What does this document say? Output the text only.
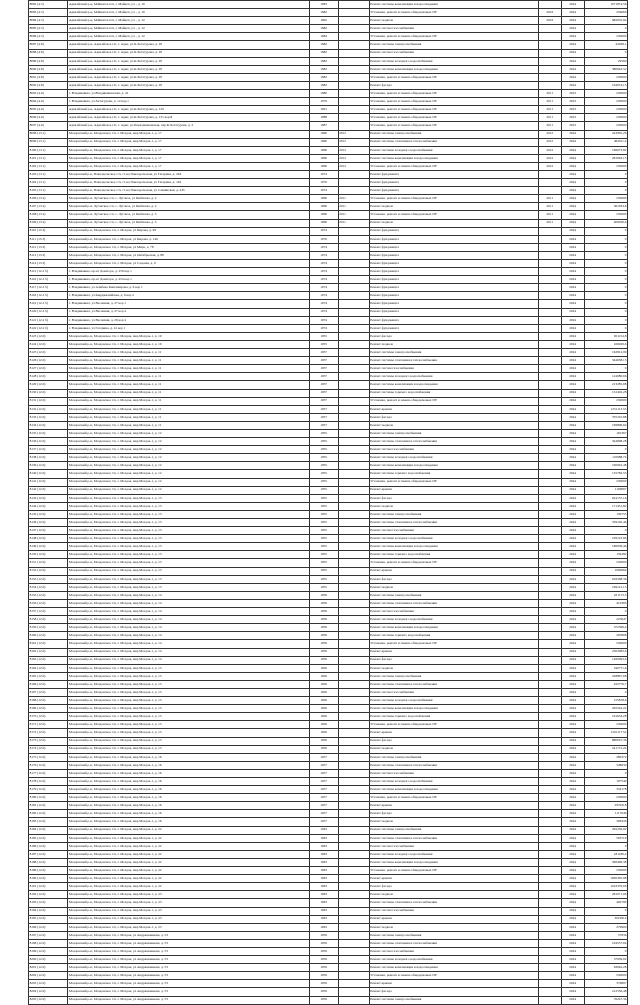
8082 (4.5)	Адыгейский р-н, Майкопск п/п, г. Майкоп, ул. , д. 10	1983		Ремонт системы канализации и водоотведения		2024	1071874,56
8083 (4.5)	Адыгейский р-н, Майкопск п/п, г. Майкоп, ул. , д. 10	1982		Установка, ремонт и замена общедомовых ПУ	2023	2024	256666
8084 (4.5)	Адыгейский р-н, Майкопск п/п, г. Майкоп, ул. , д. 12	1992		Ремонт подвала	2023	2024	982035,94
8085 (4.5)	Адыгейский р-н, Майкопск п/п, г. Майкоп, ул. , д. 12	1982		Ремонт систем газоснабжения		2024	0
8086 (4.5)	Адыгейский р-н, Майкопск п/п, г. Майкоп, ул. , д. 12	1984		Установка, ремонт и замена общедомовых ПУ		2024	230000
8087 (4.8)	Адыгейский р-н, Адыгейское г/п, г. Адыг, ул.К.Хетагурова, д. 95	1982		Ремонт системы электроснабжения		2024	43208,1
8088 (4.8)	Адыгейский р-н, Адыгейское г/п, г. Адыг, ул.К.Хетагурова, д. 95	1982		Ремонт систем газоснабжения		2024	0
8089 (4.8)	Адыгейский р-н, Адыгейское г/п, г. Адыг, ул.К.Хетагурова, д. 95	1982		Ремонт системы холодного водоснабжения		2024	29560
8090 (4.8)	Адыгейский р-н, Адыгейское г/п, г. Адыг, ул.К.Хетагурова, д. 95	1982		Ремонт системы канализации и водоотведения		2024	380642,52
8091 (4.8)	Адыгейский р-н, Адыгейское г/п, г. Адыг, ул.К.Хетагурова, д. 95	1982		Установка, ремонт и замена общедомовых ПУ		2024	230000
8092 (4.8)	Адыгейский р-н, Адыгейское г/п, г. Адыг, ул.К.Хетагурова, д. 95	1982		Ремонт фасада		2024	164074,15
8093 (4.9)	г. Владикавказ, ул.Владикавказская, д. 41	1980		Установка, ремонт и замена общедомовых ПУ	2011	2023	230000
8094 (4.9)	г. Владикавказ, ул.Хетагурова, д. 12 кор.1	1979		Установка, ремонт и замена общедомовых ПУ	2011	2023	230000
8095 (4.9)	Адыгейский р-н, Адыгейское г/п, г. Адыг, ул.К.Хетагурова, д. 129	1991		Установка, ремонт и замена общедомовых ПУ	2011	2023	230000
8096 (4.9)	Адыгейский р-н, Адыгейское г/п, г. Адыг, ул.К.Хетагурова, д. 131 кор.Б	1988		Установка, ремонт и замена общедомовых ПУ	2011	2023	230000
8097 (4.9)	Адыгейский р-н, Адыгейское г/п, г. Адыг, ул.Пархоменковская, пер.К.Хетагурова, д. 2	1987		Установка, ремонт и замена общедомовых ПУ	2011	2023	230000
8098 (13.1)	Моздокский р-н, Моздокское г/п, г. Моздок, мкр Моздок-1, д. 17	1960	2012	Ремонт системы электроснабжения	2012	2024	243995,26
8099 (13.1)	Моздокский р-н, Моздокское г/п, г. Моздок, мкр Моздок-1, д. 17	1960	2012	Ремонт системы отопления и теплоснабжения	2012	2024	462911,4
8100 (13.1)	Моздокский р-н, Моздокское г/п, г. Моздок, мкр Моздок-1, д. 17	1960	2012	Ремонт системы холодного водоснабжения	2012	2024	166673,82
8101 (13.1)	Моздокский р-н, Моздокское г/п, г. Моздок, мкр Моздок-1, д. 17	1960	2012	Ремонт системы канализации и водоотведения	2012	2024	281092,15
8102 (13.1)	Моздокский р-н, Моздокское г/п, г. Моздок, мкр Моздок-1, д. 17	1960	2012	Установка, ремонт и замена общедомовых ПУ	2012	2024	230000
8103 (13.1)	Моздокский р-н, Павлодольское с/п, ст-ца Павлодольская, ул Гагарина, д. 294	1974		Ремонт фундамента		2024	0
8104 (13.1)	Моздокский р-н, Павлодольское с/п, ст-ца Павлодольская, ул Гагарина, д. 194	1976		Ремонт фундамента		2024	0
8105 (13.1)	Моздокский р-н, Павлодольское с/п, ст-ца Павлодольская, ул Славянская, д. 245	1974		Ремонт фундамента		2024	0
8106 (13.2)	Моздокский р-н, Луговское с/п, с. Луговое, ул Кибизова, д. 2	1960	2011	Установка, ремонт и замена общедомовых ПУ	2011	2024	230000
8107 (13.2)	Моздокский р-н, Луговское с/п, с. Луговое, ул Кибизова, д. 2	1960	2011	Ремонт подвала	2011	2024	361934,6
8108 (13.2)	Моздокский р-н, Луговское с/п, с. Луговое, ул Кибизова, д. 3	1960	2011	Установка, ремонт и замена общедомовых ПУ	2011	2024	230000
8109 (13.2)	Моздокский р-н, Луговское с/п, с. Луговое, ул Кибизова, д. 3	1960	2011	Ремонт подвала	2011	2024	409936,6
8110 (13.3)	Моздокский р-н, Моздокское г/п, г. Моздок, ул Кирова, д. 99	1974		Ремонт фундамента		2024	0
8111 (13.3)	Моздокский р-н, Моздокское г/п, г. Моздок, ул Кирова, д. 149	1976		Ремонт фундамента		2024	0
8112 (13.3)	Моздокский р-н, Моздокское г/п, г. Моздок, ул Мира, д. 78	1974		Ремонт фундамента		2024	0
8113 (13.3)	Моздокский р-н, Моздокское г/п, г. Моздок, ул Октябрьская, д. 88	1974		Ремонт фундамента		2024	0
8114 (13.3)	Моздокский р-н, Моздокское г/п, г. Моздок, ул Садовая, д. 9	1974		Ремонт фундамента		2024	0
8115 (12.2 б)	г. Владикавказ, пр-кт Доватора, д. 250 кор 1	1974		Ремонт фундамента		2024	0
8116 (12.2 б)	г. Владикавказ, пр-кт Доватора, д. 254 кор 1	1974		Ремонт фундамента		2024	0
8117 (12.2 б)	г. Владикавказ, ул Алибека Кантемирова, д. 6 кор 1	1974		Ремонт фундамента		2024	0
8118 (12.2 б)	г. Владикавказ, ул Кырджалийская, д. 6 кор 2	1974		Ремонт фундамента		2024	0
8119 (12.2 б)	г. Владикавказ, ул Весенняя, д. 27 кор 1	1974		Ремонт фундамента		2024	0
8120 (12.2 б)	г. Владикавказ, ул Весенняя, д. 27 кор 4	1974		Ремонт фундамента		2024	0
8121 (12.2 б)	г. Владикавказ, ул Весенняя, д. 29 кор 4	1974		Ремонт фундамента		2024	0
8122 (12.2 б)	г. Владикавказ, ул Гагарина, д. 41 кор 1	1974		Ремонт фундамента		2024	0
8123 (12.0)	Моздокский р-н, Моздокское г/п, г. Моздок, мкр Моздок-1, д. 10	1955		Ремонт фасада		2024	651154,8
8124 (12.0)	Моздокский р-н, Моздокское г/п, г. Моздок, мкр Моздок-1, д. 10	1955		Ремонт подвала		2024	166929,6
8125 (12.0)	Моздокский р-н, Моздокское г/п, г. Моздок, мкр Моздок-1, д. 11	1957		Ремонт системы электроснабжения		2024	162812,99
8126 (12.0)	Моздокский р-н, Моздокское г/п, г. Моздок, мкр Моздок-1, д. 11	1957		Ремонт системы отопления и теплоснабжения		2024	344638,15
8127 (12.0)	Моздокский р-н, Моздокское г/п, г. Моздок, мкр Моздок-1, д. 11	1957		Ремонт систем газоснабжения		2024	0
8128 (12.0)	Моздокский р-н, Моздокское г/п, г. Моздок, мкр Моздок-1, д. 11	1957		Ремонт системы холодного водоснабжения		2024	124080,66
8129 (12.0)	Моздокский р-н, Моздокское г/п, г. Моздок, мкр Моздок-1, д. 11	1957		Ремонт системы канализации и водоотведения		2024	213285,68
8130 (12.0)	Моздокский р-н, Моздокское г/п, г. Моздок, мкр Моздок-1, д. 11	1957		Ремонт системы горячего водоснабжения		2024	152402,28
8131 (12.0)	Моздокский р-н, Моздокское г/п, г. Моздок, мкр Моздок-1, д. 11	1957		Установка, ремонт и замена общедомовых ПУ		2024	230000
8132 (12.0)	Моздокский р-н, Моздокское г/п, г. Моздок, мкр Моздок-1, д. 11	1957		Ремонт крыши		2024	1251113,55
8133 (12.0)	Моздокский р-н, Моздокское г/п, г. Моздок, мкр Моздок-1, д. 11	1957		Ремонт фасада		2024	795310,88
8134 (12.0)	Моздокский р-н, Моздокское г/п, г. Моздок, мкр Моздок-1, д. 11	1957		Ремонт подвала		2024	199896,64
8135 (12.0)	Моздокский р-н, Моздокское г/п, г. Моздок, мкр Моздок-1, д. 12	1955		Ремонт системы электроснабжения		2024	162367
8136 (12.0)	Моздокский р-н, Моздокское г/п, г. Моздок, мкр Моздок-1, д. 12	1955		Ремонт системы отопления и теплоснабжения		2024	344698,28
8137 (12.0)	Моздокский р-н, Моздокское г/п, г. Моздок, мкр Моздок-1, д. 12	1955		Ремонт систем газоснабжения		2024	0
8138 (12.0)	Моздокский р-н, Моздокское г/п, г. Моздок, мкр Моздок-1, д. 12	1955		Ремонт системы холодного водоснабжения		2024	110688,74
8139 (12.0)	Моздокский р-н, Моздокское г/п, г. Моздок, мкр Моздок-1, д. 12	1955		Ремонт системы канализации и водоотведения		2024	190945,48
8140 (12.0)	Моздокский р-н, Моздокское г/п, г. Моздок, мкр Моздок-1, д. 12	1955		Ремонт системы горячего водоснабжения		2024	135782,55
8141 (12.0)	Моздокский р-н, Моздокское г/п, г. Моздок, мкр Моздок-1, д. 12	1955		Установка, ремонт и замена общедомовых ПУ		2024	230000
8142 (12.0)	Моздокский р-н, Моздокское г/п, г. Моздок, мкр Моздок-1, д. 12	1955		Ремонт крыши		2024	1106897
8143 (12.0)	Моздокский р-н, Моздокское г/п, г. Моздок, мкр Моздок-1, д. 13	1955		Ремонт фасада		2024	624137,16
8144 (12.0)	Моздокский р-н, Моздокское г/п, г. Моздок, мкр Моздок-1, д. 13	1955		Ремонт подвала		2024	171451,82
8145 (12.0)	Моздокский р-н, Моздокское г/п, г. Моздок, мкр Моздок-1, д. 13	1955		Ремонт системы электроснабжения		2024	159755
8146 (12.0)	Моздокский р-н, Моздокское г/п, г. Моздок, мкр Моздок-1, д. 13	1955		Ремонт системы отопления и теплоснабжения		2024	339192,46
8147 (12.0)	Моздокский р-н, Моздокское г/п, г. Моздок, мкр Моздок-1, д. 13	1955		Ремонт систем газоснабжения		2024	0
8148 (12.0)	Моздокский р-н, Моздокское г/п, г. Моздок, мкр Моздок-1, д. 13	1955		Ремонт системы холодного водоснабжения		2024	109123,96
8149 (12.0)	Моздокский р-н, Моздокское г/п, г. Моздок, мкр Моздок-1, д. 13	1955		Ремонт системы канализации и водоотведения		2024	186639,46
8150 (12.0)	Моздокский р-н, Моздокское г/п, г. Моздок, мкр Моздок-1, д. 13	1955		Ремонт системы горячего водоснабжения		2024	134282
8151 (12.0)	Моздокский р-н, Моздокское г/п, г. Моздок, мкр Моздок-1, д. 13	1955		Установка, ремонт и замена общедомовых ПУ		2024	230000
8152 (12.0)	Моздокский р-н, Моздокское г/п, г. Моздок, мкр Моздок-1, д. 13	1955		Ремонт крыши		2024	1090664
8153 (12.0)	Моздокский р-н, Моздокское г/п, г. Моздок, мкр Моздок-1, д. 13	1955		Ремонт фасада		2024	616508,36
8154 (12.0)	Моздокский р-н, Моздокское г/п, г. Моздок, мкр Моздок-1, д. 13	1955		Ремонт подвала		2024	169121,15
8155 (12.0)	Моздокский р-н, Моздокское г/п, г. Моздок, мкр Моздок-1, д. 14	1959		Ремонт системы электроснабжения		2024	221173,3
8156 (12.0)	Моздокский р-н, Моздокское г/п, г. Моздок, мкр Моздок-1, д. 14	1959		Ремонт системы отопления и теплоснабжения		2024	419383
8157 (12.0)	Моздокский р-н, Моздокское г/п, г. Моздок, мкр Моздок-1, д. 14	1959		Ремонт систем газоснабжения		2024	0
8158 (12.0)	Моздокский р-н, Моздокское г/п, г. Моздок, мкр Моздок-1, д. 14	1959		Ремонт системы холодного водоснабжения		2024	223647
8159 (12.0)	Моздокский р-н, Моздокское г/п, г. Моздок, мкр Моздок-1, д. 14	1959		Ремонт системы канализации и водоотведения		2024	372399,4
8160 (12.0)	Моздокский р-н, Моздокское г/п, г. Моздок, мкр Моздок-1, д. 14	1959		Ремонт системы горячего водоснабжения		2024	205808
8161 (12.0)	Моздокский р-н, Моздокское г/п, г. Моздок, мкр Моздок-1, д. 14	1959		Установка, ремонт и замена общедомовых ПУ		2024	230000
8162 (12.0)	Моздокский р-н, Моздокское г/п, г. Моздок, мкр Моздок-1, д. 14	1959		Ремонт крыши		2024	2302083,6
8163 (12.0)	Моздокский р-н, Моздокское г/п, г. Моздок, мкр Моздок-1, д. 14	1959		Ремонт фасада		2024	1260093,6
8164 (12.0)	Моздокский р-н, Моздокское г/п, г. Моздок, мкр Моздок-1, д. 15	1956		Ремонт подвала		2024	340771,6
8165 (12.0)	Моздокский р-н, Моздокское г/п, г. Моздок, мкр Моздок-1, д. 15	1956		Ремонт системы электроснабжения		2024	228897,68
8166 (12.0)	Моздокский р-н, Моздокское г/п, г. Моздок, мкр Моздок-1, д. 15	1956		Ремонт системы отопления и теплоснабжения		2024	432776,7
8167 (12.0)	Моздокский р-н, Моздокское г/п, г. Моздок, мкр Моздок-1, д. 15	1956		Ремонт систем газоснабжения		2024	0
8168 (12.0)	Моздокский р-н, Моздокское г/п, г. Моздок, мкр Моздок-1, д. 15	1956		Ремонт системы холодного водоснабжения		2024	155818,6
8169 (12.0)	Моздокский р-н, Моздокское г/п, г. Моздок, мкр Моздок-1, д. 15	1956		Ремонт системы канализации и водоотведения		2024	265542,22
8170 (12.0)	Моздокский р-н, Моздокское г/п, г. Моздок, мкр Моздок-1, д. 15	1956		Ремонт системы горячего водоснабжения		2024	191634,28
8171 (12.0)	Моздокский р-н, Моздокское г/п, г. Моздок, мкр Моздок-1, д. 15	1956		Установка, ремонт и замена общедомовых ПУ		2024	230000
8172 (12.0)	Моздокский р-н, Моздокское г/п, г. Моздок, мкр Моздок-1, д. 15	1956		Ремонт крыши		2024	1561117,52
8173 (12.0)	Моздокский р-н, Моздокское г/п, г. Моздок, мкр Моздок-1, д. 15	1956		Ремонт фасада		2024	880047,36
8174 (12.0)	Моздокский р-н, Моздокское г/п, г. Моздок, мкр Моздок-1, д. 15	1956		Ремонт подвала		2024	241715,24
8175 (12.0)	Моздокский р-н, Моздокское г/п, г. Моздок, мкр Моздок-1, д. 16	1957		Ремонт системы электроснабжения		2024	280372
8176 (12.0)	Моздокский р-н, Моздокское г/п, г. Моздок, мкр Моздок-1, д. 16	1957		Ремонт системы отопления и теплоснабжения		2024	548630
8177 (12.0)	Моздокский р-н, Моздокское г/п, г. Моздок, мкр Моздок-1, д. 16	1957		Ремонт систем газоснабжения		2024	0
8178 (12.0)	Моздокский р-н, Моздокское г/п, г. Моздок, мкр Моздок-1, д. 16	1957		Ремонт системы холодного водоснабжения		2024	197540
8179 (12.0)	Моздокский р-н, Моздокское г/п, г. Моздок, мкр Моздок-1, д. 16	1957		Ремонт системы канализации и водоотведения		2024	334178
8180 (12.0)	Моздокский р-н, Моздокское г/п, г. Моздок, мкр Моздок-1, д. 16	1957		Установка, ремонт и замена общедомовых ПУ		2024	230000
8181 (12.0)	Моздокский р-н, Моздокское г/п, г. Моздок, мкр Моздок-1, д. 16	1957		Ремонт крыши		2024	2979218
8182 (12.0)	Моздокский р-н, Моздокское г/п, г. Моздок, мкр Моздок-1, д. 16	1957		Ремонт фасада		2024	1117646
8183 (12.0)	Моздокский р-н, Моздокское г/п, г. Моздок, мкр Моздок-1, д. 16	1957		Ремонт подвала		2024	306436
8184 (12.0)	Моздокский р-н, Моздокское г/п, г. Моздок, мкр Моздок-1, д. 22	1963		Ремонт системы электроснабжения		2024	265256,92
8185 (12.0)	Моздокский р-н, Моздокское г/п, г. Моздок, мкр Моздок-1, д. 22	1963		Ремонт системы отопления и теплоснабжения		2024	503719
8186 (12.0)	Моздокский р-н, Моздокское г/п, г. Моздок, мкр Моздок-1, д. 22	1963		Ремонт систем газоснабжения		2024	0
8187 (12.0)	Моздокский р-н, Моздокское г/п, г. Моздок, мкр Моздок-1, д. 22	1963		Ремонт системы холодного водоснабжения		2024	181189,4
8188 (12.0)	Моздокский р-н, Моздокское г/п, г. Моздок, мкр Моздок-1, д. 22	1963		Ремонт системы канализации и водоотведения		2024	306406,38
8189 (12.0)	Моздокский р-н, Моздокское г/п, г. Моздок, мкр Моздок-1, д. 22	1963		Установка, ремонт и замена общедомовых ПУ		2024	230000
8190 (12.0)	Моздокский р-н, Моздокское г/п, г. Моздок, мкр Моздок-1, д. 22	1963		Ремонт крыши		2024	1865395,98
8191 (12.0)	Моздокский р-н, Моздокское г/п, г. Моздок, мкр Моздок-1, д. 22	1963		Ремонт фасада		2024	1023379,06
8192 (12.0)	Моздокский р-н, Моздокское г/п, г. Моздок, мкр Моздок-1, д. 23	1963		Ремонт подвала		2024	281071,96
8193 (12.0)	Моздокский р-н, Моздокское г/п, г. Моздок, мкр Моздок-1, д. 23	1963		Ремонт системы отопления и теплоснабжения		2024	492799
8194 (12.0)	Моздокский р-н, Моздокское г/п, г. Моздок, мкр Моздок-1, д. 23	1963		Ремонт систем газоснабжения		2024	0
8195 (12.0)	Моздокский р-н, Моздокское г/п, г. Моздок, мкр Моздок-1, д. 23	1963		Ремонт крыши		2024	3619914
8196 (12.0)	Моздокский р-н, Моздокское г/п, г. Моздок, мкр Моздок-1, д. 23	1963		Ремонт подвала		2024	279900
8197 (12.0)	Моздокский р-н, Моздокское г/п, г. Моздок, ул Андрюшенкова, д. 53	1959		Ремонт системы электроснабжения		2024	57636
8198 (12.0)	Моздокский р-н, Моздокское г/п, г. Моздок, ул Андрюшенкова, д. 53	1959		Ремонт системы отопления и теплоснабжения		2024	104537,04
8199 (12.0)	Моздокский р-н, Моздокское г/п, г. Моздок, ул Андрюшенкова, д. 53	1959		Ремонт систем газоснабжения		2024	0
8200 (12.0)	Моздокский р-н, Моздокское г/п, г. Моздок, ул Андрюшенкова, д. 53	1959		Ремонт системы холодного водоснабжения		2024	37639,02
8201 (12.0)	Моздокский р-н, Моздокское г/п, г. Моздок, ул Андрюшенкова, д. 53	1959		Ремонт системы канализации и водоотведения		2024	63662,28
8202 (12.0)	Моздокский р-н, Моздокское г/п, г. Моздок, ул Андрюшенкова, д. 53	1959		Установка, ремонт и замена общедомовых ПУ		2024	230000
8203 (12.0)	Моздокский р-н, Моздокское г/п, г. Моздок, ул Андрюшенкова, д. 53	1959		Ремонт крыши		2024	376897
8204 (12.0)	Моздокский р-н, Моздокское г/п, г. Моздок, ул Андрюшенкова, д. 53	1959		Ремонт фасада		2024	212556,48
8205 (12.0)	Моздокский р-н, Моздокское г/п, г. Моздок, ул Андрюшенкова, д. 53	1959		Ремонт системы электроснабжения		2024	76247,36
